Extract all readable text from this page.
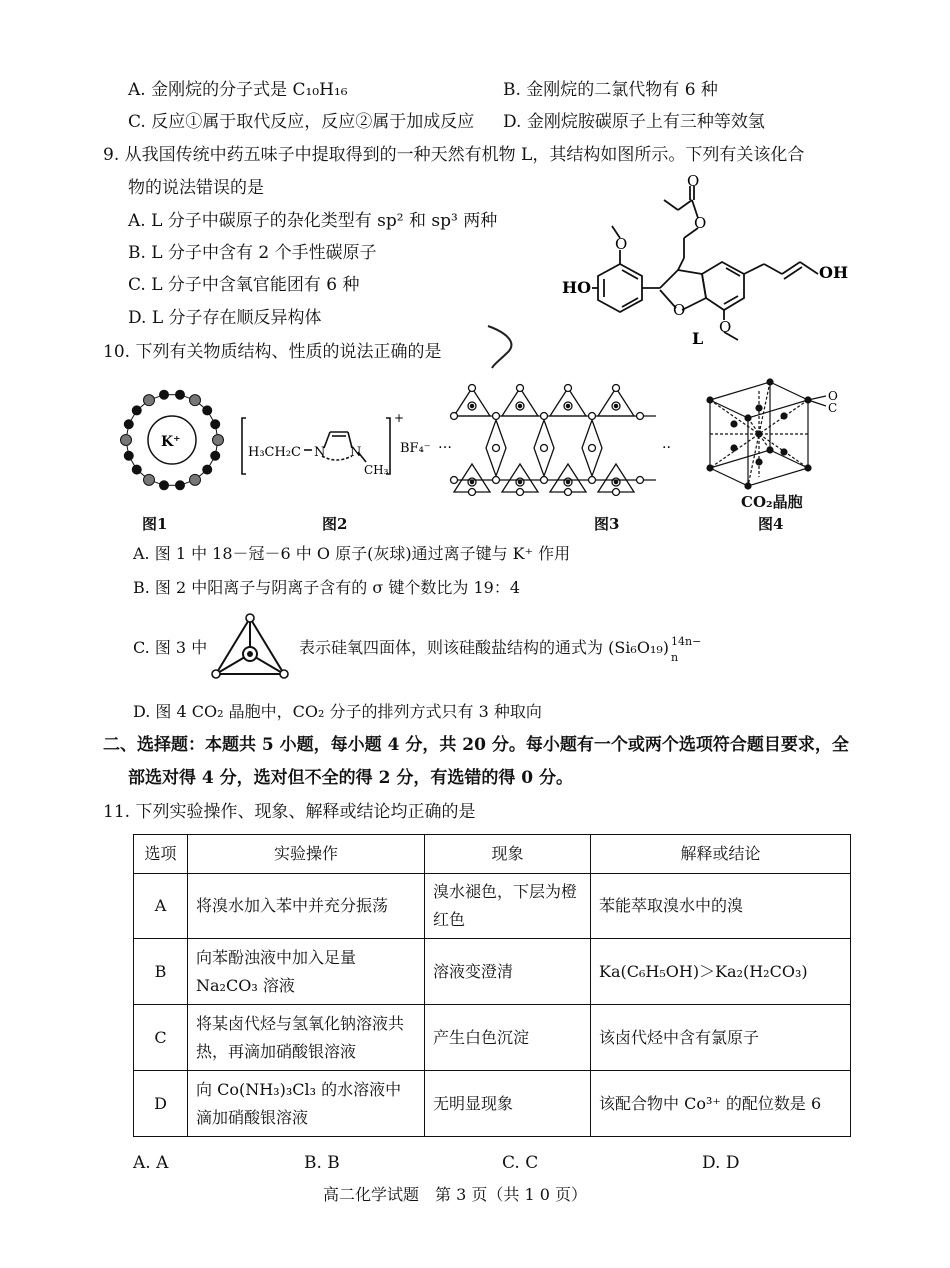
A. 金刚烷的分子式是 C₁₀H₁₆	B. 金刚烷的二氯代物有 6 种
C. 反应①属于取代反应，反应②属于加成反应 D. 金刚烷胺碳原子上有三种等效氢
9. 从我国传统中药五味子中提取得到的一种天然有机物 L，其结构如图所示。下列有关该化合
物的说法错误的是
A. L 分子中碳原子的杂化类型有 sp² 和 sp³ 两种
B. L 分子中含有 2 个手性碳原子
C. L 分子中含氧官能团有 6 种
D. L 分子存在顺反异构体
O
O
O
HO
O
OH
O
L
10. 下列有关物质结构、性质的说法正确的是
K⁺
图1
H₃CH₂C N N
CH₃
+
BF₄⁻
图2
…	..
图3
O
C
CO₂晶胞
图4
A. 图 1 中 18－冠－6 中 O 原子(灰球)通过离子键与 K⁺ 作用
B. 图 2 中阳离子与阴离子含有的 σ 键个数比为 19：4
C. 图 3 中	表示硅氧四面体，则该硅酸盐结构的通式为 (Si₆O₁₉) 14n−
n
D. 图 4 CO₂ 晶胞中，CO₂ 分子的排列方式只有 3 种取向
二、选择题：本题共 5 小题，每小题 4 分，共 20 分。每小题有一个或两个选项符合题目要求，全
部选对得 4 分，选对但不全的得 2 分，有选错的得 0 分。
11. 下列实验操作、现象、解释或结论均正确的是
选项	实验操作	现象	解释或结论
A	将溴水加入苯中并充分振荡	溴水褪色，下层为橙红色	苯能萃取溴水中的溴
B	向苯酚浊液中加入足量 Na₂CO₃ 溶液	溶液变澄清	Ka(C₆H₅OH)＞Ka₂(H₂CO₃)
C	将某卤代烃与氢氧化钠溶液共热，再滴加硝酸银溶液	产生白色沉淀	该卤代烃中含有氯原子
D	向 Co(NH₃)₃Cl₃ 的水溶液中滴加硝酸银溶液	无明显现象	该配合物中 Co³⁺ 的配位数是 6
A. A	B. B	C. C	D. D
高二化学试题　第 3 页（共 1 0 页）
